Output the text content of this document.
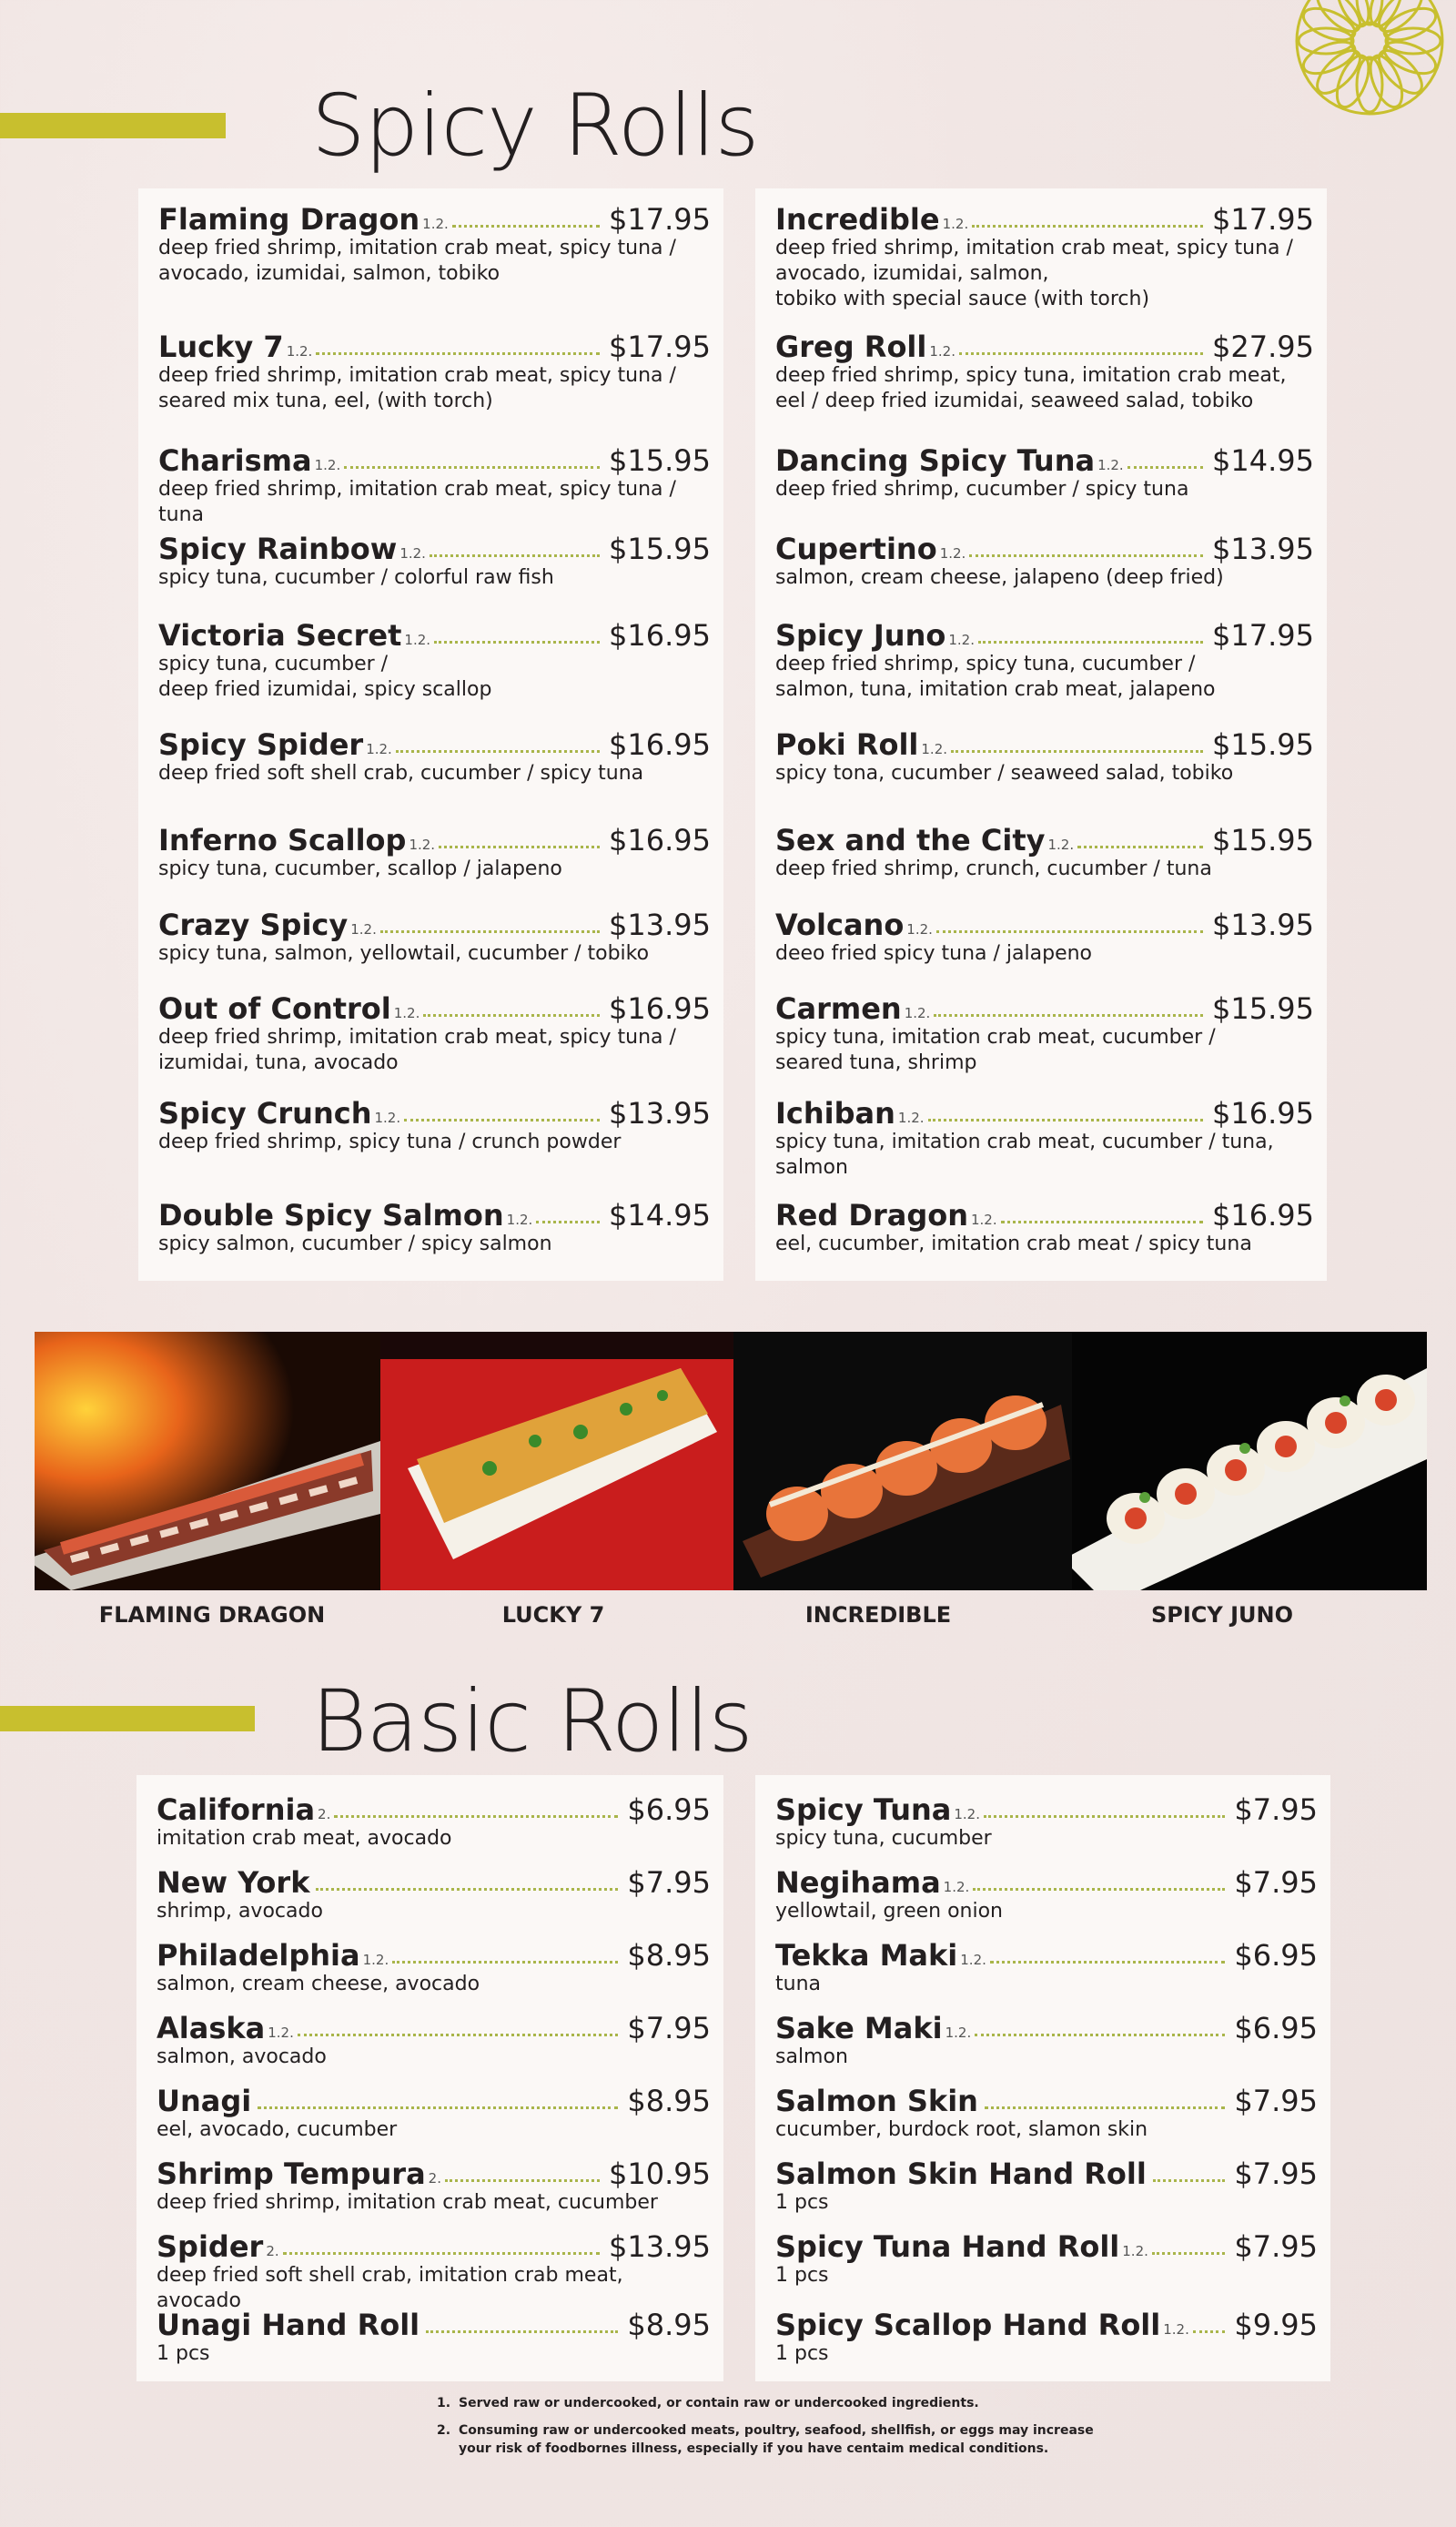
Spicy Rolls
Flaming Dragon 1.2.	$17.95
deep fried shrimp, imitation crab meat, spicy tuna /
avocado, izumidai, salmon, tobiko
Lucky 7 1.2.	$17.95
deep fried shrimp, imitation crab meat, spicy tuna /
seared mix tuna, eel, (with torch)
Charisma 1.2.	$15.95
deep fried shrimp, imitation crab meat, spicy tuna / tuna
Spicy Rainbow 1.2.	$15.95
spicy tuna, cucumber / colorful raw fish
Victoria Secret 1.2.	$16.95
spicy tuna, cucumber /
deep fried izumidai, spicy scallop
Spicy Spider 1.2.	$16.95
deep fried soft shell crab, cucumber / spicy tuna
Inferno Scallop 1.2.	$16.95
spicy tuna, cucumber, scallop / jalapeno
Crazy Spicy 1.2.	$13.95
spicy tuna, salmon, yellowtail, cucumber / tobiko
Out of Control 1.2.	$16.95
deep fried shrimp, imitation crab meat, spicy tuna /
izumidai, tuna, avocado
Spicy Crunch 1.2.	$13.95
deep fried shrimp, spicy tuna / crunch powder
Double Spicy Salmon 1.2.	$14.95
spicy salmon, cucumber / spicy salmon
Incredible 1.2.	$17.95
deep fried shrimp, imitation crab meat, spicy tuna /
avocado, izumidai, salmon,
tobiko with special sauce (with torch)
Greg Roll 1.2.	$27.95
deep fried shrimp, spicy tuna, imitation crab meat,
eel / deep fried izumidai, seaweed salad, tobiko
Dancing Spicy Tuna 1.2.	$14.95
deep fried shrimp, cucumber / spicy tuna
Cupertino 1.2.	$13.95
salmon, cream cheese, jalapeno (deep fried)
Spicy Juno 1.2.	$17.95
deep fried shrimp, spicy tuna, cucumber /
salmon, tuna, imitation crab meat, jalapeno
Poki Roll 1.2.	$15.95
spicy tona, cucumber / seaweed salad, tobiko
Sex and the City 1.2.	$15.95
deep fried shrimp, crunch, cucumber / tuna
Volcano 1.2.	$13.95
deeo fried spicy tuna / jalapeno
Carmen 1.2.	$15.95
spicy tuna, imitation crab meat, cucumber /
seared tuna, shrimp
Ichiban 1.2.	$16.95
spicy tuna, imitation crab meat, cucumber / tuna, salmon
Red Dragon 1.2.	$16.95
eel, cucumber, imitation crab meat / spicy tuna
FLAMING DRAGON	LUCKY 7	INCREDIBLE	SPICY JUNO
Basic Rolls
California 2.	$6.95
imitation crab meat, avocado
New York	$7.95
shrimp, avocado
Philadelphia 1.2.	$8.95
salmon, cream cheese, avocado
Alaska 1.2.	$7.95
salmon, avocado
Unagi	$8.95
eel, avocado, cucumber
Shrimp Tempura 2.	$10.95
deep fried shrimp, imitation crab meat, cucumber
Spider 2.	$13.95
deep fried soft shell crab, imitation crab meat, avocado
Unagi Hand Roll	$8.95
1 pcs
Spicy Tuna 1.2.	$7.95
spicy tuna, cucumber
Negihama 1.2.	$7.95
yellowtail, green onion
Tekka Maki 1.2.	$6.95
tuna
Sake Maki 1.2.	$6.95
salmon
Salmon Skin	$7.95
cucumber, burdock root, slamon skin
Salmon Skin Hand Roll	$7.95
1 pcs
Spicy Tuna Hand Roll 1.2.	$7.95
1 pcs
Spicy Scallop Hand Roll 1.2. $9.95
1 pcs
1. Served raw or undercooked, or contain raw or undercooked ingredients.
2. Consuming raw or undercooked meats, poultry, seafood, shellfish, or eggs may increase your risk of foodbornes illness, especially if you have centaim medical conditions.
